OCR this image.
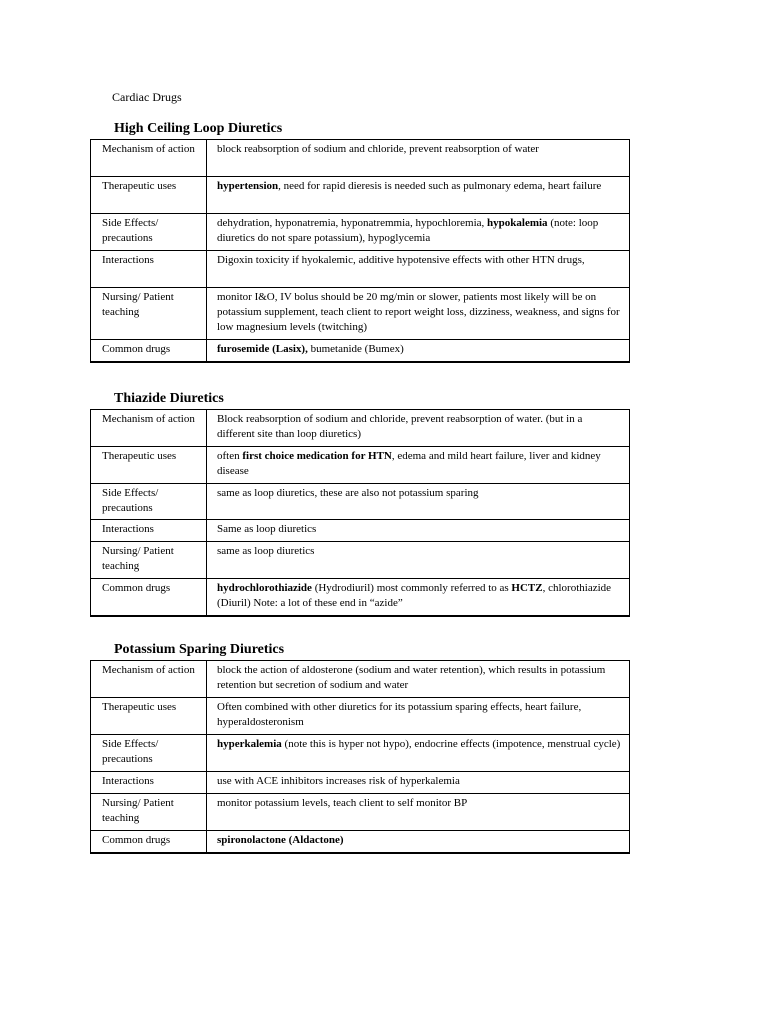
Cardiac Drugs
High Ceiling Loop Diuretics
Mechanism of action	block reabsorption of sodium and chloride, prevent reabsorption of water
Therapeutic uses	hypertension, need for rapid dieresis is needed such as pulmonary edema, heart failure
Side Effects/ precautions	dehydration, hyponatremia, hyponatremmia, hypochloremia, hypokalemia (note: loop diuretics do not spare potassium), hypoglycemia
Interactions	Digoxin toxicity if hyokalemic, additive hypotensive effects with other HTN drugs,
Nursing/ Patient teaching	monitor I&O, IV bolus should be 20 mg/min or slower, patients most likely will be on potassium supplement, teach client to report weight loss, dizziness, weakness, and signs for low magnesium levels (twitching)
Common drugs	furosemide (Lasix), bumetanide (Bumex)
Thiazide Diuretics
Mechanism of action	Block reabsorption of sodium and chloride, prevent reabsorption of water. (but in a different site than loop diuretics)
Therapeutic uses	often first choice medication for HTN, edema and mild heart failure, liver and kidney disease
Side Effects/ precautions	same as loop diuretics, these are also not potassium sparing
Interactions	Same as loop diuretics
Nursing/ Patient teaching	same as loop diuretics
Common drugs	hydrochlorothiazide (Hydrodiuril) most commonly referred to as HCTZ, chlorothiazide (Diuril) Note: a lot of these end in “azide”
Potassium Sparing Diuretics
Mechanism of action	block the action of aldosterone (sodium and water retention), which results in potassium retention but secretion of sodium and water
Therapeutic uses	Often combined with other diuretics for its potassium sparing effects, heart failure, hyperaldosteronism
Side Effects/ precautions	hyperkalemia (note this is hyper not hypo), endocrine effects (impotence, menstrual cycle)
Interactions	use with ACE inhibitors increases risk of hyperkalemia
Nursing/ Patient teaching	monitor potassium levels, teach client to self monitor BP
Common drugs	spironolactone (Aldactone)
